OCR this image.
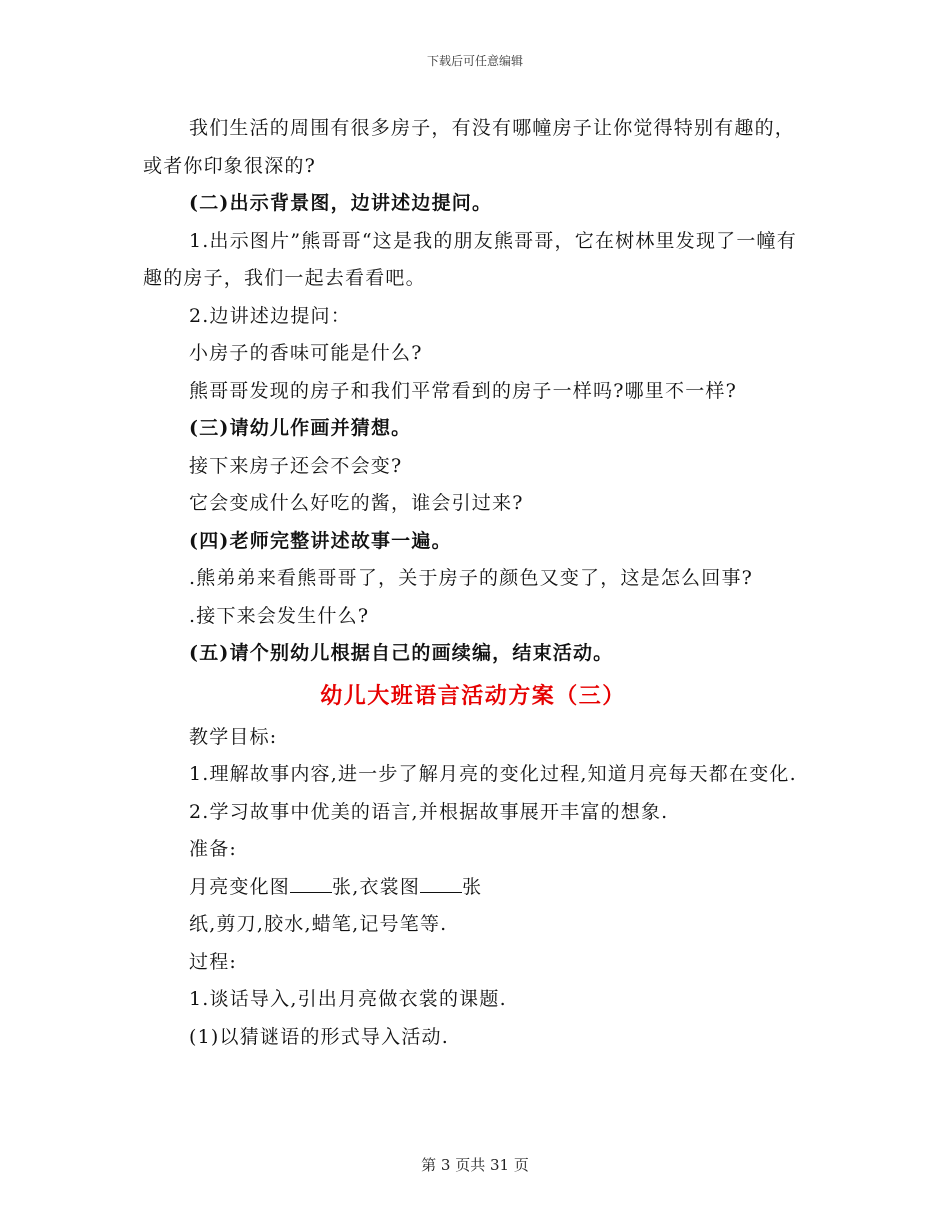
下载后可任意编辑

我们生活的周围有很多房子，有没有哪幢房子让你觉得特别有趣的，或者你印象很深的?

(二)出示背景图，边讲述边提问。

1.出示图片”熊哥哥“这是我的朋友熊哥哥，它在树林里发现了一幢有趣的房子，我们一起去看看吧。

2.边讲述边提问：

小房子的香味可能是什么?

熊哥哥发现的房子和我们平常看到的房子一样吗?哪里不一样?

(三)请幼儿作画并猜想。

接下来房子还会不会变?

它会变成什么好吃的酱，谁会引过来?

(四)老师完整讲述故事一遍。

.熊弟弟来看熊哥哥了，关于房子的颜色又变了，这是怎么回事?

.接下来会发生什么?

(五)请个别幼儿根据自己的画续编，结束活动。

幼儿大班语言活动方案（三）

教学目标:

1.理解故事内容,进一步了解月亮的变化过程,知道月亮每天都在变化.

2.学习故事中优美的语言,并根据故事展开丰富的想象.

准备:

月亮变化图 张,衣裳图 张

纸,剪刀,胶水,蜡笔,记号笔等.

过程:

1.谈话导入,引出月亮做衣裳的课题.

(1)以猜谜语的形式导入活动.

第 3 页共 31 页
